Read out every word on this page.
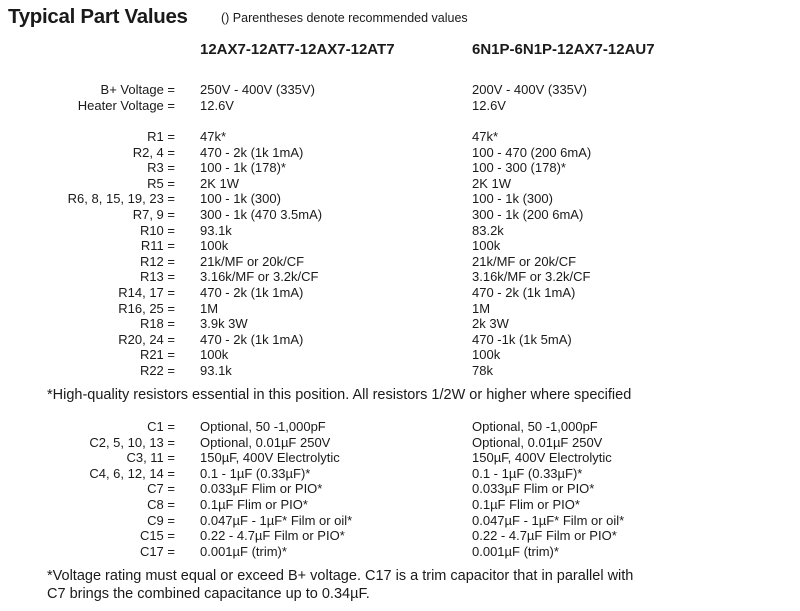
Typical Part Values	() Parentheses denote recommended values
12AX7-12AT7-12AX7-12AT7	6N1P-6N1P-12AX7-12AU7
B+ Voltage = 250V - 400V (335V)	200V - 400V (335V)
Heater Voltage = 12.6V	12.6V
R1 = 47k*	47k*
R2, 4 = 470 - 2k (1k 1mA)	100 - 470 (200 6mA)
R3 = 100 - 1k (178)*	100 - 300 (178)*
R5 = 2K 1W	2K 1W
R6, 8, 15, 19, 23 = 100 - 1k (300)	100 - 1k (300)
R7, 9 = 300 - 1k (470 3.5mA)	300 - 1k (200 6mA)
R10 = 93.1k	83.2k
R11 = 100k	100k
R12 = 21k/MF or 20k/CF	21k/MF or 20k/CF
R13 = 3.16k/MF or 3.2k/CF	3.16k/MF or 3.2k/CF
R14, 17 = 470 - 2k (1k 1mA)	470 - 2k (1k 1mA)
R16, 25 = 1M	1M
R18 = 3.9k 3W	2k 3W
R20, 24 = 470 - 2k (1k 1mA)	470 -1k (1k 5mA)
R21 = 100k	100k
R22 = 93.1k	78k
C1 = Optional, 50 -1,000pF	Optional, 50 -1,000pF
C2, 5, 10, 13 = Optional, 0.01µF 250V	Optional, 0.01µF 250V
C3, 11 = 150µF, 400V Electrolytic	150µF, 400V Electrolytic
C4, 6, 12, 14 = 0.1 - 1µF (0.33µF)*	0.1 - 1µF (0.33µF)*
C7 = 0.033µF Flim or PIO*	0.033µF Flim or PIO*
C8 = 0.1µF Flim or PIO*	0.1µF Flim or PIO*
C9 = 0.047µF - 1µF* Film or oil*	0.047µF - 1µF* Film or oil*
C15 = 0.22 - 4.7µF Film or PIO*	0.22 - 4.7µF Film or PIO*
C17 = 0.001µF (trim)*	0.001µF (trim)*
*High-quality resistors essential in this position. All resistors 1/2W or higher where specified
*Voltage rating must equal or exceed B+ voltage. C17 is a trim capacitor that in parallel with
C7 brings the combined capacitance up to 0.34µF.
